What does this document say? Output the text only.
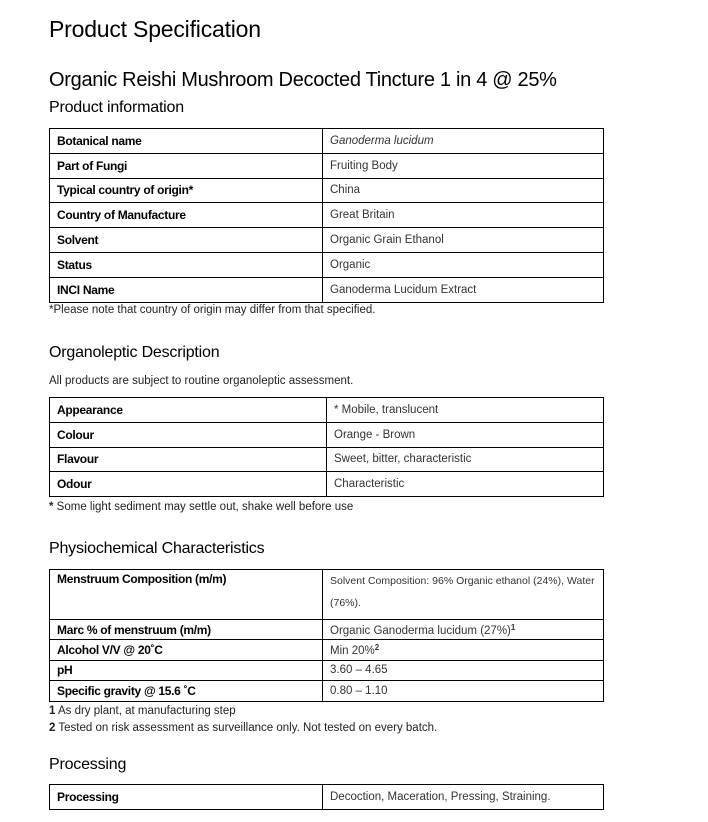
Product Specification
Organic Reishi Mushroom Decocted Tincture 1 in 4 @ 25%
Product information
Botanical name	Ganoderma lucidum
Part of Fungi	Fruiting Body
Typical country of origin*	China
Country of Manufacture	Great Britain
Solvent	Organic Grain Ethanol
Status	Organic
INCI Name	Ganoderma Lucidum Extract
*Please note that country of origin may differ from that specified.
Organoleptic Description
All products are subject to routine organoleptic assessment.
Appearance	* Mobile, translucent
Colour	Orange - Brown
Flavour	Sweet, bitter, characteristic
Odour	Characteristic
* Some light sediment may settle out, shake well before use
Physiochemical Characteristics
Menstruum Composition (m/m)	Solvent Composition: 96% Organic ethanol (24%), Water (76%).
Marc % of menstruum (m/m)	Organic Ganoderma lucidum $(27\%)^1$
Alcohol V/V @ 20˚C	Min 20%$^2$
pH	3.60 – 4.65
Specific gravity @ 15.6 ˚C	0.80 – 1.10
1 As dry plant, at manufacturing step
2 Tested on risk assessment as surveillance only. Not tested on every batch.
Processing
Processing	Decoction, Maceration, Pressing, Straining.
